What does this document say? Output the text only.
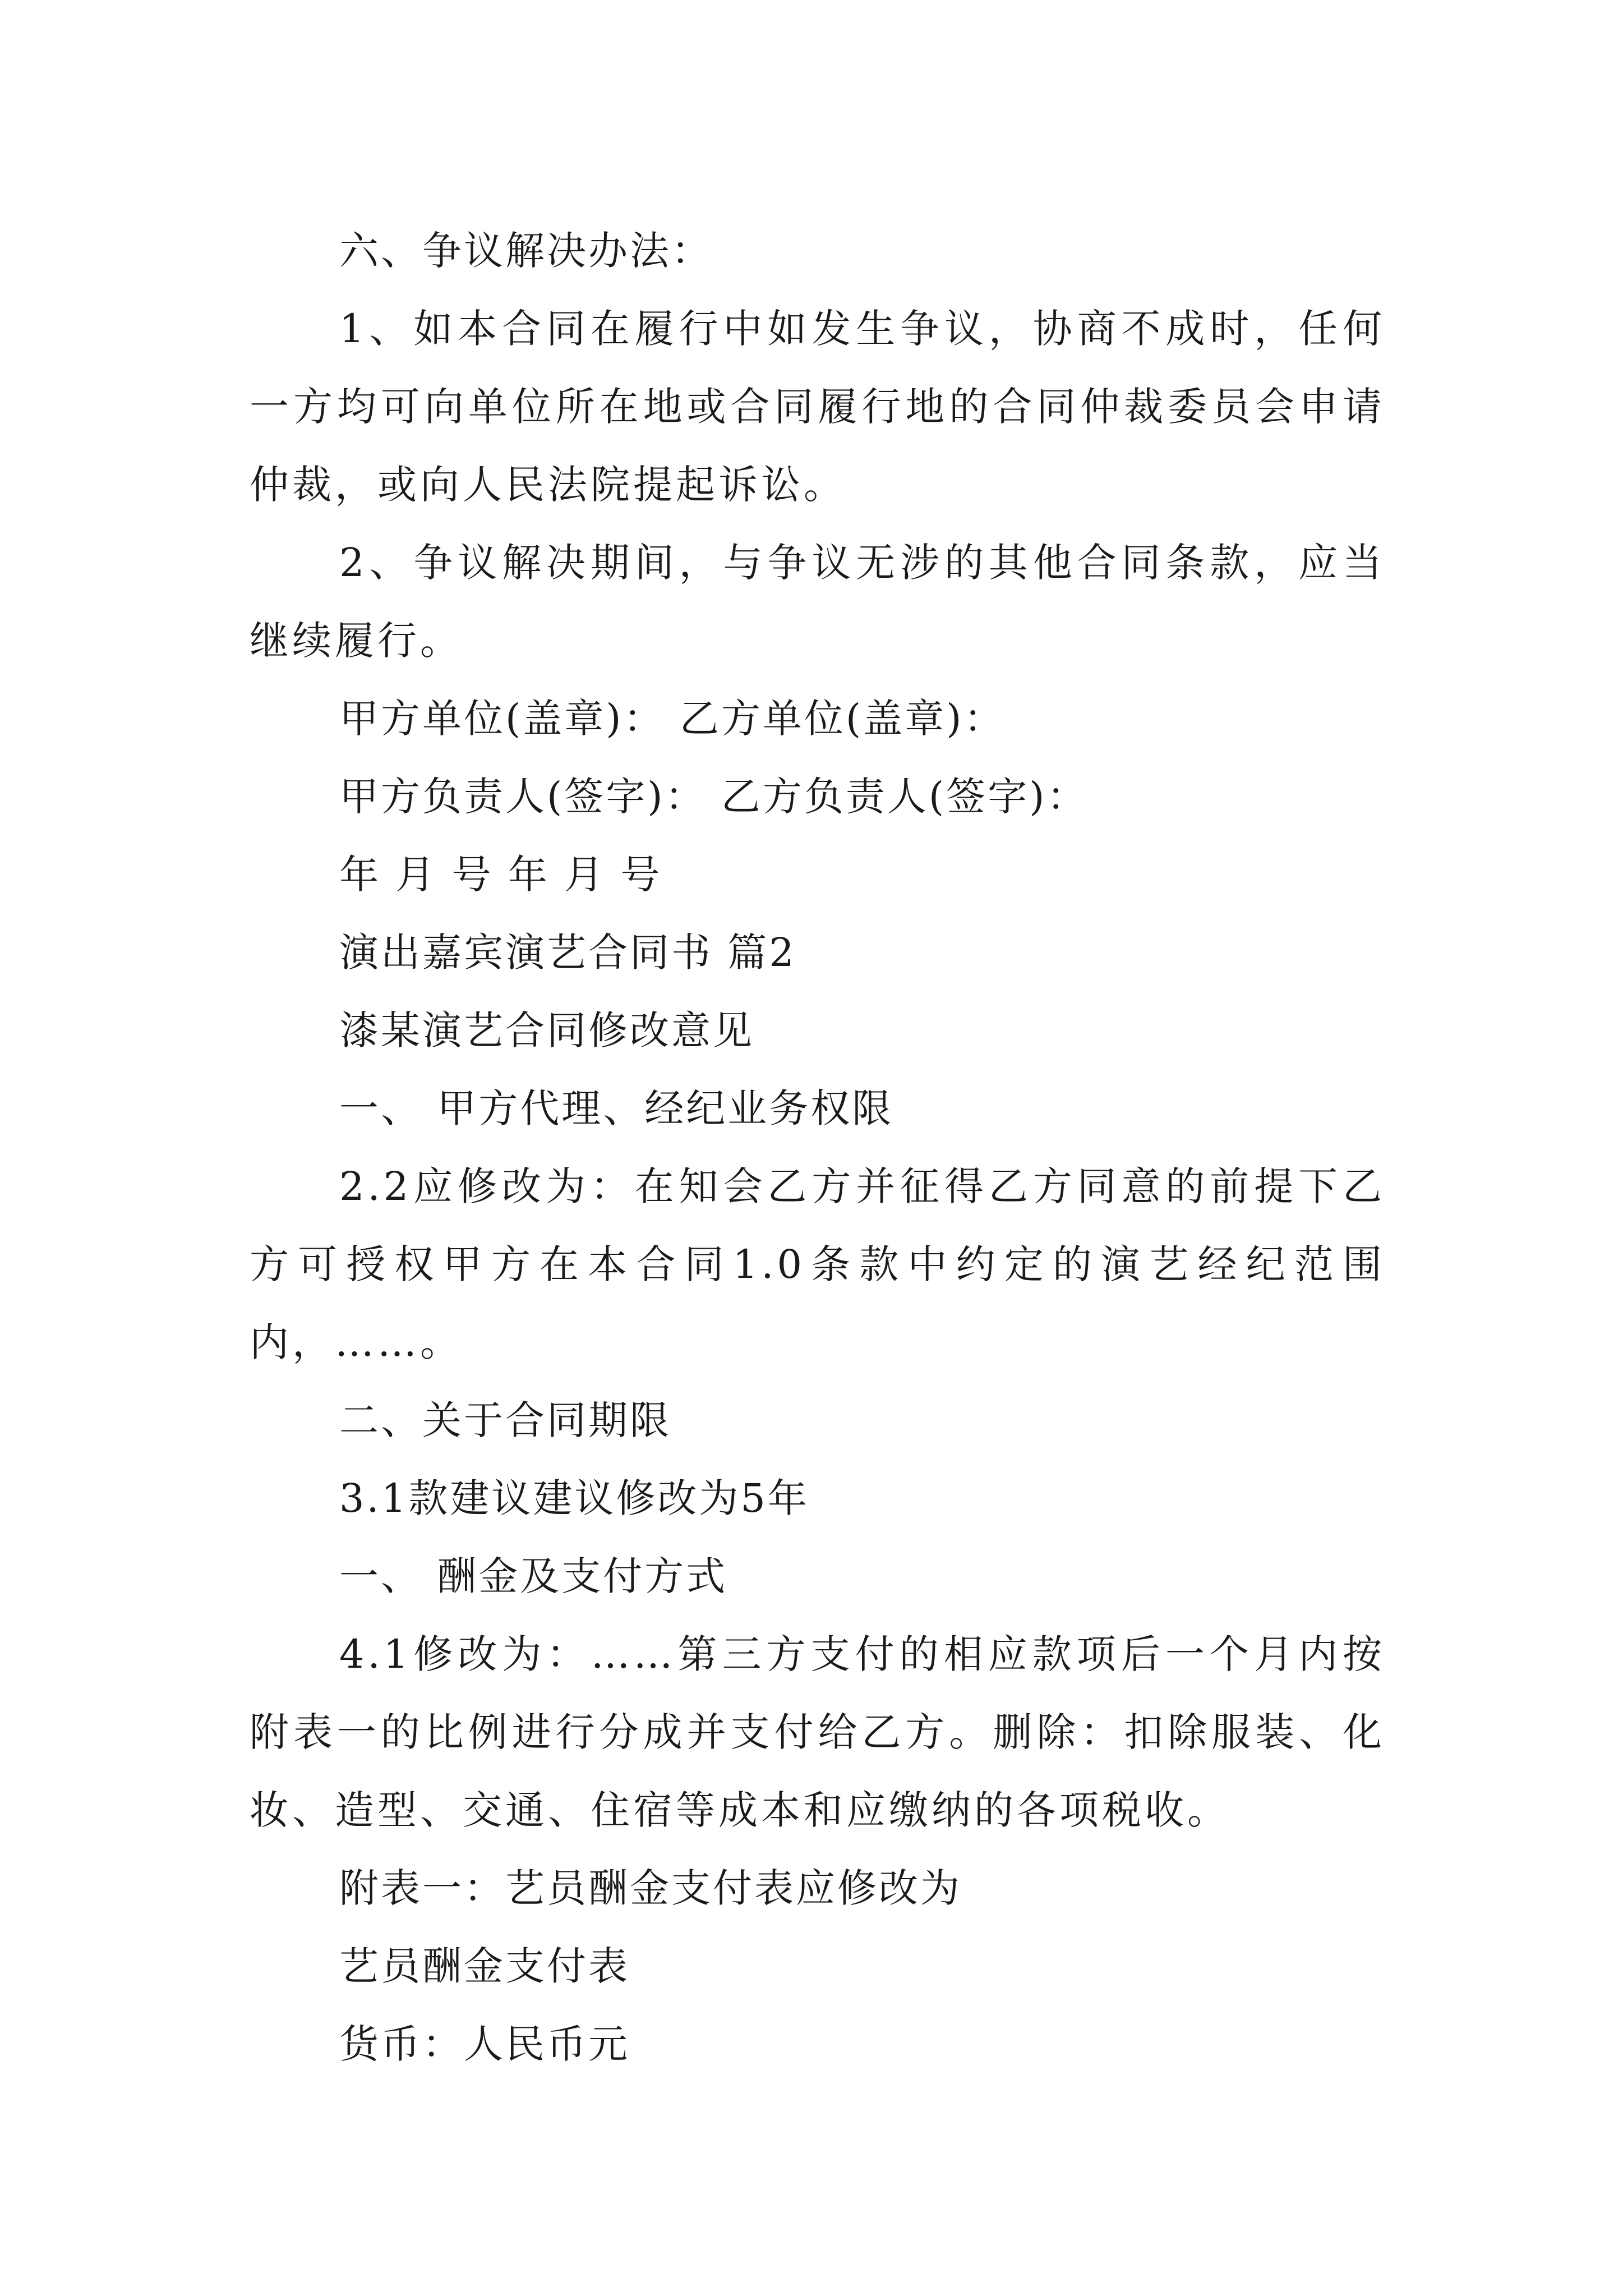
六、争议解决办法：

1、如本合同在履行中如发生争议，协商不成时，任何一方均可向单位所在地或合同履行地的合同仲裁委员会申请仲裁，或向人民法院提起诉讼。

2、争议解决期间，与争议无涉的其他合同条款，应当继续履行。

甲方单位(盖章)： 乙方单位(盖章)：

甲方负责人(签字)： 乙方负责人(签字)：

年 月 号 年 月 号

演出嘉宾演艺合同书 篇2

漆某演艺合同修改意见

一、 甲方代理、经纪业务权限

2.2应修改为：在知会乙方并征得乙方同意的前提下乙方可授权甲方在本合同1.0条款中约定的演艺经纪范围内，……。

二、关于合同期限

3.1款建议建议修改为5年

一、 酬金及支付方式

4.1修改为：……第三方支付的相应款项后一个月内按附表一的比例进行分成并支付给乙方。删除：扣除服装、化妆、造型、交通、住宿等成本和应缴纳的各项税收。

附表一：艺员酬金支付表应修改为

艺员酬金支付表

货币：人民币元
